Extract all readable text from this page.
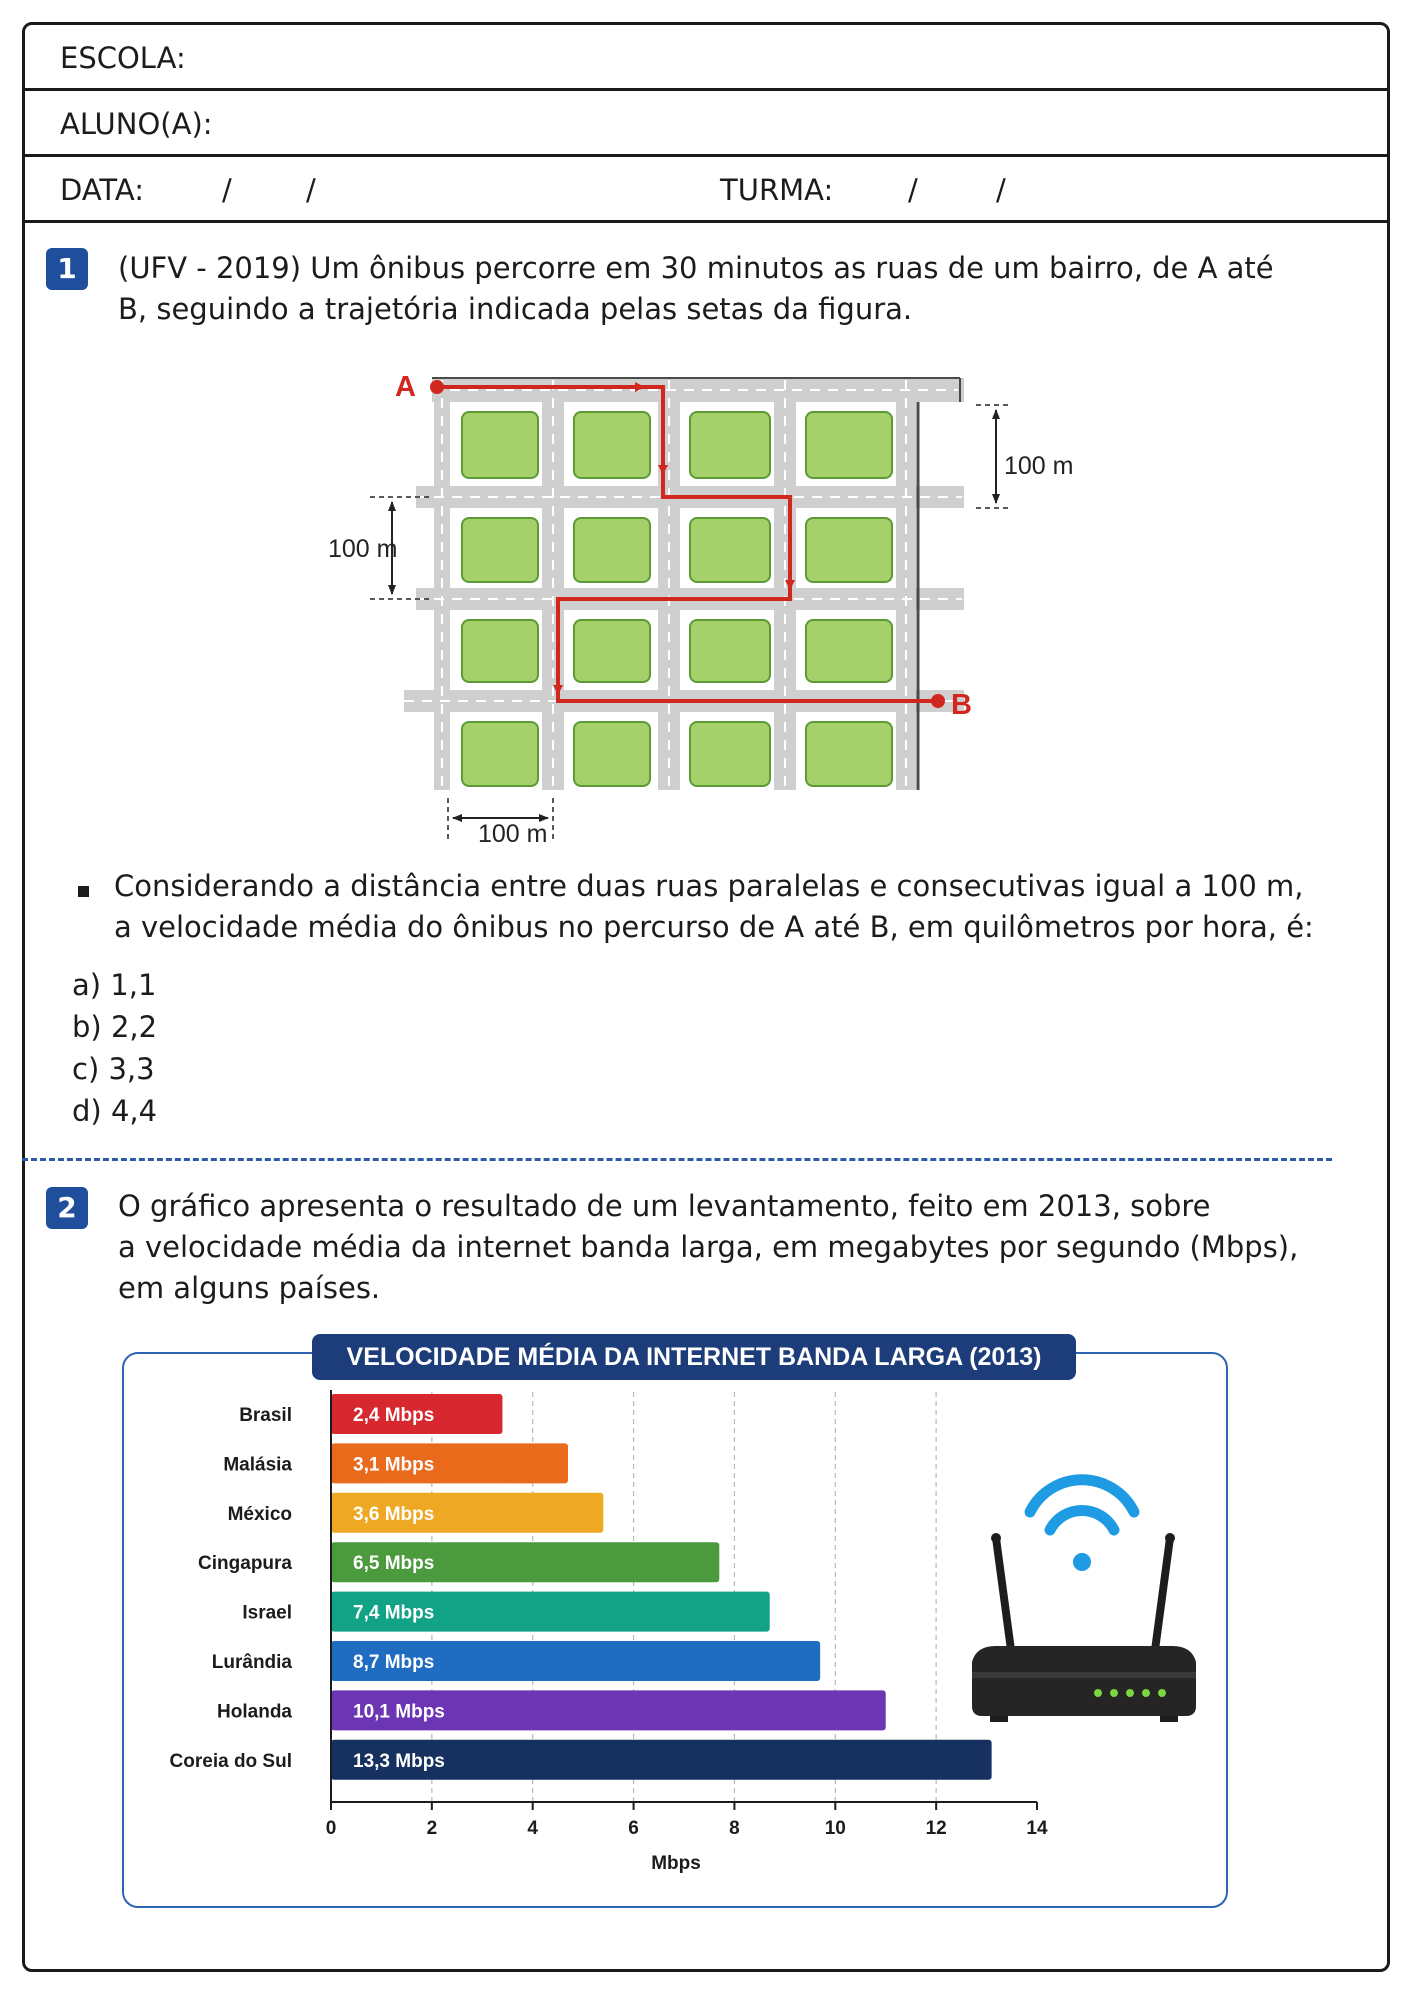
ESCOLA:
ALUNO(A):
DATA:	/	/	TURMA:	/	/
1	(UFV - 2019) Um ônibus percorre em 30 minutos as ruas de um bairro, de A até
B, seguindo a trajetória indicada pelas setas da figura.
A
B
100 m
100 m
100 m
Considerando a distância entre duas ruas paralelas e consecutivas igual a 100 m,
a velocidade média do ônibus no percurso de A até B, em quilômetros por hora, é:
a) 1,1
b) 2,2
c) 3,3
d) 4,4
2	O gráfico apresenta o resultado de um levantamento, feito em 2013, sobre
a velocidade média da internet banda larga, em megabytes por segundo (Mbps),
em alguns países.
VELOCIDADE MÉDIA DA INTERNET BANDA LARGA (2013)
2,4 Mbps
Brasil
3,1 Mbps
Malásia
3,6 Mbps
México
6,5 Mbps
Cingapura
7,4 Mbps
Israel
8,7 Mbps
Lurândia
10,1 Mbps
Holanda
13,3 Mbps
Coreia do Sul
0	2	4	6	8	10	12	14
Mbps
